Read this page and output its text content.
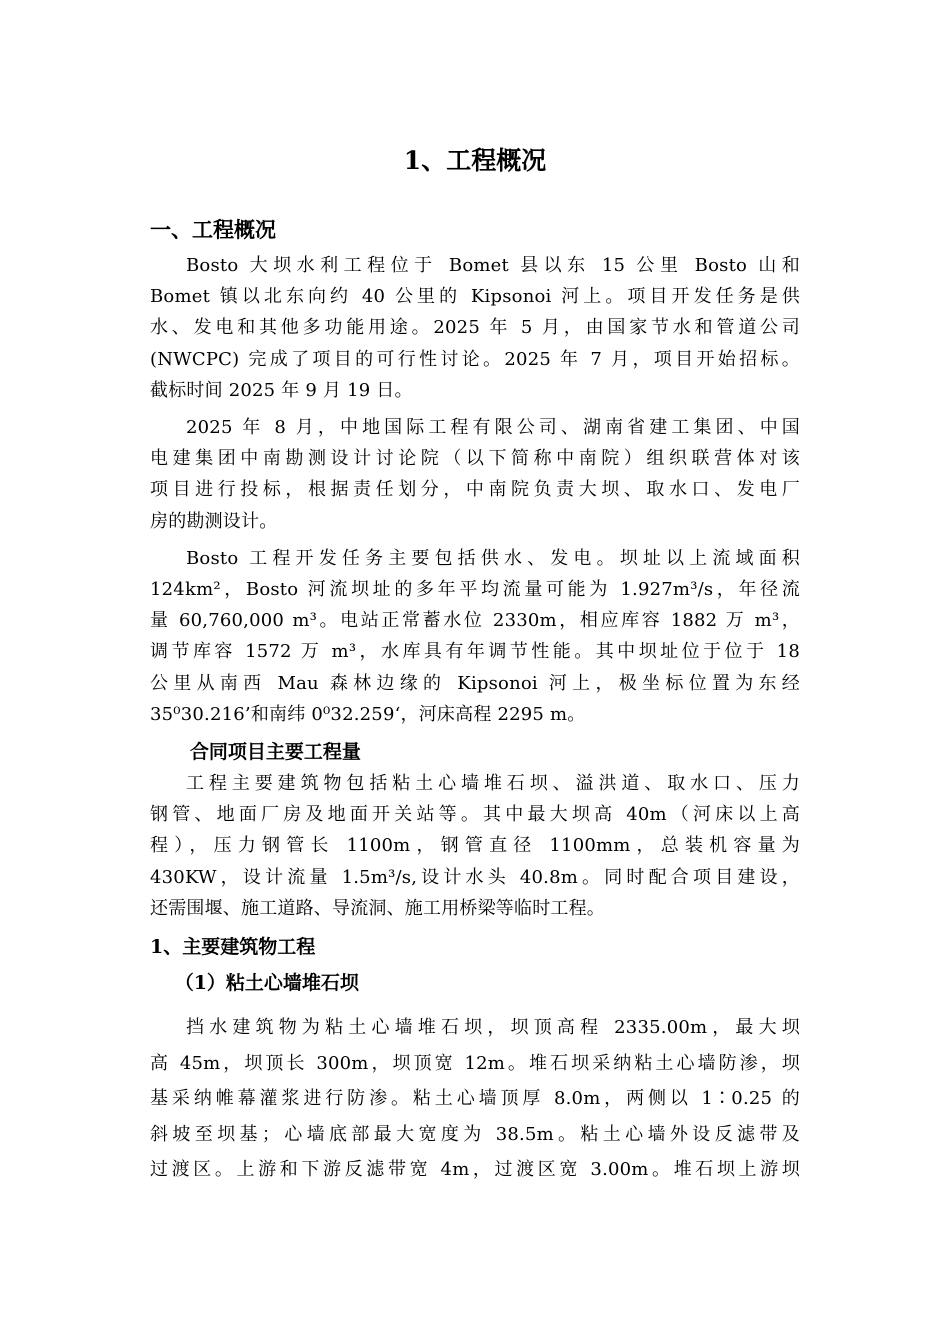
1、工程概况
一、工程概况
Bosto 大坝水利工程位于 Bomet 县以东 15 公里 Bosto 山和
Bomet 镇以北东向约 40 公里的 Kipsonoi 河上。项目开发任务是供
水、发电和其他多功能用途。2025 年 5 月，由国家节水和管道公司
(NWCPC) 完成了项目的可行性讨论。2025 年 7 月，项目开始招标。
截标时间 2025 年 9 月 19 日。
2025 年 8 月，中地国际工程有限公司、湖南省建工集团、中国
电建集团中南勘测设计讨论院（以下简称中南院）组织联营体对该
项目进行投标，根据责任划分，中南院负责大坝、取水口、发电厂
房的勘测设计。
Bosto 工程开发任务主要包括供水、发电。坝址以上流域面积
124km²，Bosto 河流坝址的多年平均流量可能为 1.927m³/s，年径流
量 60,760,000 m³。电站正常蓄水位 2330m，相应库容 1882 万 m³，
调节库容 1572 万 m³，水库具有年调节性能。其中坝址位于位于 18
公里从南西 Mau 森林边缘的 Kipsonoi 河上，极坐标位置为东经
35⁰30.216’和南纬 0⁰32.259‘，河床高程 2295 m。
合同项目主要工程量
工程主要建筑物包括粘土心墙堆石坝、溢洪道、取水口、压力
钢管、地面厂房及地面开关站等。其中最大坝高 40m（河床以上高
程），压力钢管长 1100m，钢管直径 1100mm，总装机容量为
430KW，设计流量 1.5m³/s,设计水头 40.8m。同时配合项目建设，
还需围堰、施工道路、导流洞、施工用桥梁等临时工程。
1、主要建筑物工程
（1）粘土心墙堆石坝
挡水建筑物为粘土心墙堆石坝，坝顶高程 2335.00m，最大坝
高 45m，坝顶长 300m，坝顶宽 12m。堆石坝采纳粘土心墙防渗，坝
基采纳帷幕灌浆进行防渗。粘土心墙顶厚 8.0m，两侧以 1∶0.25 的
斜坡至坝基；心墙底部最大宽度为 38.5m。粘土心墙外设反滤带及
过渡区。上游和下游反滤带宽 4m，过渡区宽 3.00m。堆石坝上游坝
